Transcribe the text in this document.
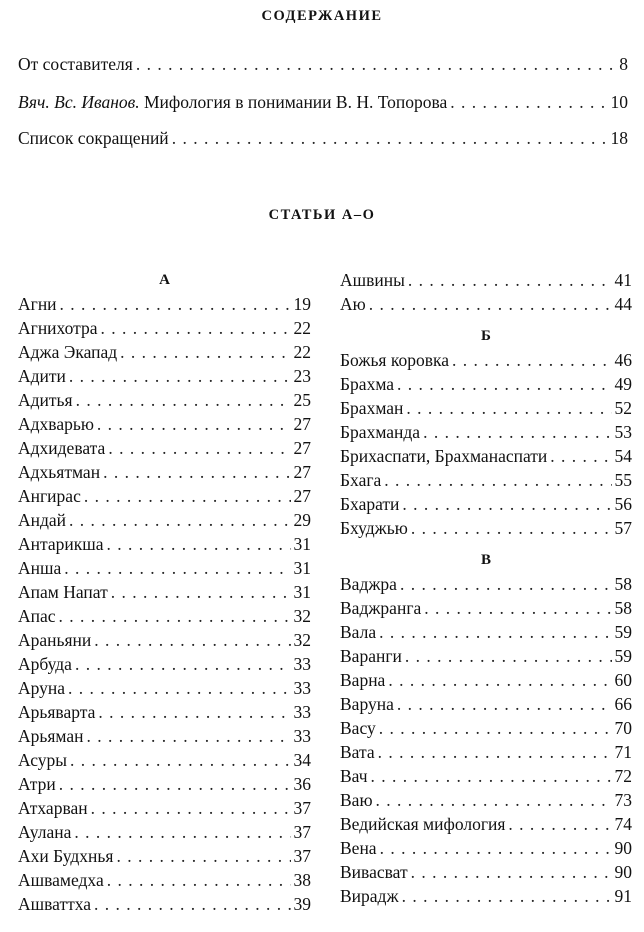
СОДЕРЖАНИЕ
От составителя . . .	8
Вяч. Вс. Иванов. Мифология в понимании В. Н. Топорова . . .	10
Список сокращений . . .	18
СТАТЬИ А–О
А
Агни . . .	19
Агнихотра . . .	22
Аджа Экапад . . .	22
Адити . . .	23
Адитья . . .	25
Адхварью . . .	27
Адхидевата . . .	27
Адхьятман . . .	27
Ангирас . . .	27
Андай . . .	29
Антарикша . . .	31
Анша . . .	31
Апам Напат . . .	31
Апас . . .	32
Араньяни . . .	32
Арбуда . . .	33
Аруна . . .	33
Арьяварта . . .	33
Арьяман . . .	33
Асуры . . .	34
Атри . . .	36
Атхарван . . .	37
Аулана . . .	37
Ахи Будхнья . . .	37
Ашвамедха . . .	38
Ашваттха . . .	39
Ашвины . . .	41
Аю . . .	44
Б
Божья коровка . . .	46
Брахма . . .	49
Брахман . . .	52
Брахманда . . .	53
Брихаспати, Брахманаспати . . .	54
Бхага . . .	55
Бхарати . . .	56
Бхуджью . . .	57
В
Ваджра . . .	58
Ваджранга . . .	58
Вала . . .	59
Варанги . . .	59
Варна . . .	60
Варуна . . .	66
Васу . . .	70
Вата . . .	71
Вач . . .	72
Ваю . . .	73
Ведийская мифология . . .	74
Вена . . .	90
Вивасват . . .	90
Вирадж . . .	91
